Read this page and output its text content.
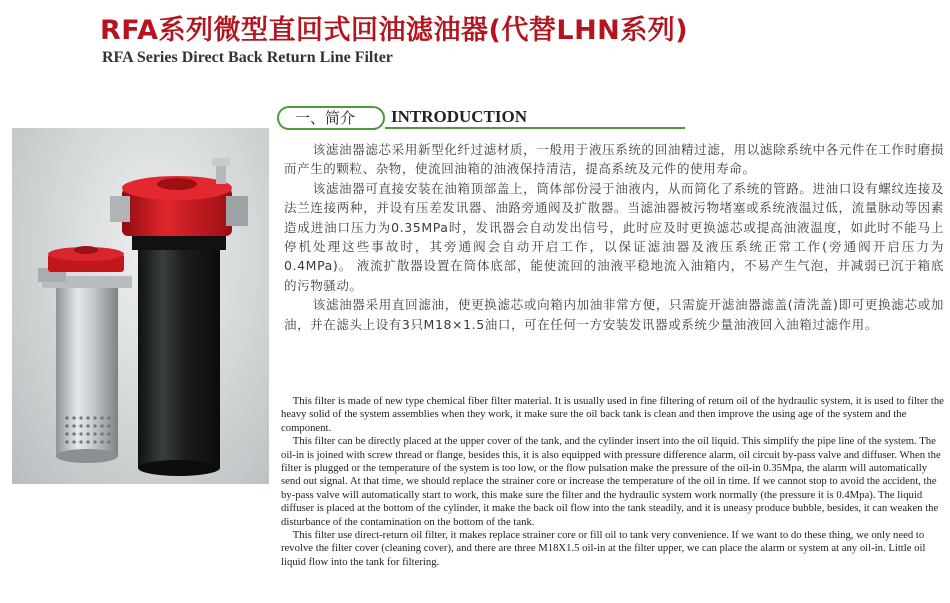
RFA系列微型直回式回油滤油器(代替LHN系列)
RFA Series Direct Back Return Line Filter
一、简介	INTRODUCTION

该滤油器滤芯采用新型化纤过滤材质，一般用于液压系统的回油精过滤，用以滤除系统中各元件在工作时磨损而产生的颗粒、杂物，使流回油箱的油液保持清洁，提高系统及元件的使用寿命。

该滤油器可直接安装在油箱顶部盖上，筒体部份浸于油液内，从而简化了系统的管路。进油口设有螺纹连接及法兰连接两种，并设有压差发讯器、油路旁通阀及扩散器。当滤油器被污物堵塞或系统液温过低，流量脉动等因素造成进油口压力为0.35MPa时，发讯器会自动发出信号，此时应及时更换滤芯或提高油液温度，如此时不能马上停机处理这些事故时，其旁通阀会自动开启工作，以保证滤油器及液压系统正常工作(旁通阀开启压力为0.4MPa)。 液流扩散器设置在筒体底部，能使流回的油液平稳地流入油箱内，不易产生气泡，并减弱已沉于箱底的污物骚动。

该滤油器采用直回滤油，使更换滤芯或向箱内加油非常方便，只需旋开滤油器滤盖(清洗盖)即可更换滤芯或加油，并在滤头上设有3只M18×1.5油口，可在任何一方安装发讯器或系统少量油液回入油箱过滤作用。

This filter is made of new type chemical fiber filter material. It is usually used in fine filtering of return oil of the hydraulic system, it is used to filter the heavy solid of the system assemblies when they work, it make sure the oil back tank is clean and then improve the using age of the system and the component.

This filter can be directly placed at the upper cover of the tank, and the cylinder insert into the oil liquid. This simplify the pipe line of the system. The oil-in is joined with screw thread or flange, besides this, it is also equipped with pressure difference alarm, oil circuit by-pass valve and diffuser. When the filter is plugged or the temperature of the system is too low, or the flow pulsation make the pressure of the oil-in 0.35Mpa, the alarm will automatically send out signal. At that time, we should replace the strainer core or increase the temperature of the oil in time. If we cannot stop to avoid the accident, the by-pass valve will automatically start to work, this make sure the filter and the hydraulic system work normally (the pressure it is 0.4Mpa). The liquid diffuser is placed at the bottom of the cylinder, it make the back oil flow into the tank steadily, and it is uneasy produce bubble, besides, it can weaken the disturbance of the contamination on the bottom of the tank.

This filter use direct-return oil filter, it makes replace strainer core or fill oil to tank very convenience. If we want to do these thing, we only need to revolve the filter cover (cleaning cover), and there are three M18X1.5 oil-in at the filter upper, we can place the alarm or system at any oil-in. Little oil liquid flow into the tank for filtering.
